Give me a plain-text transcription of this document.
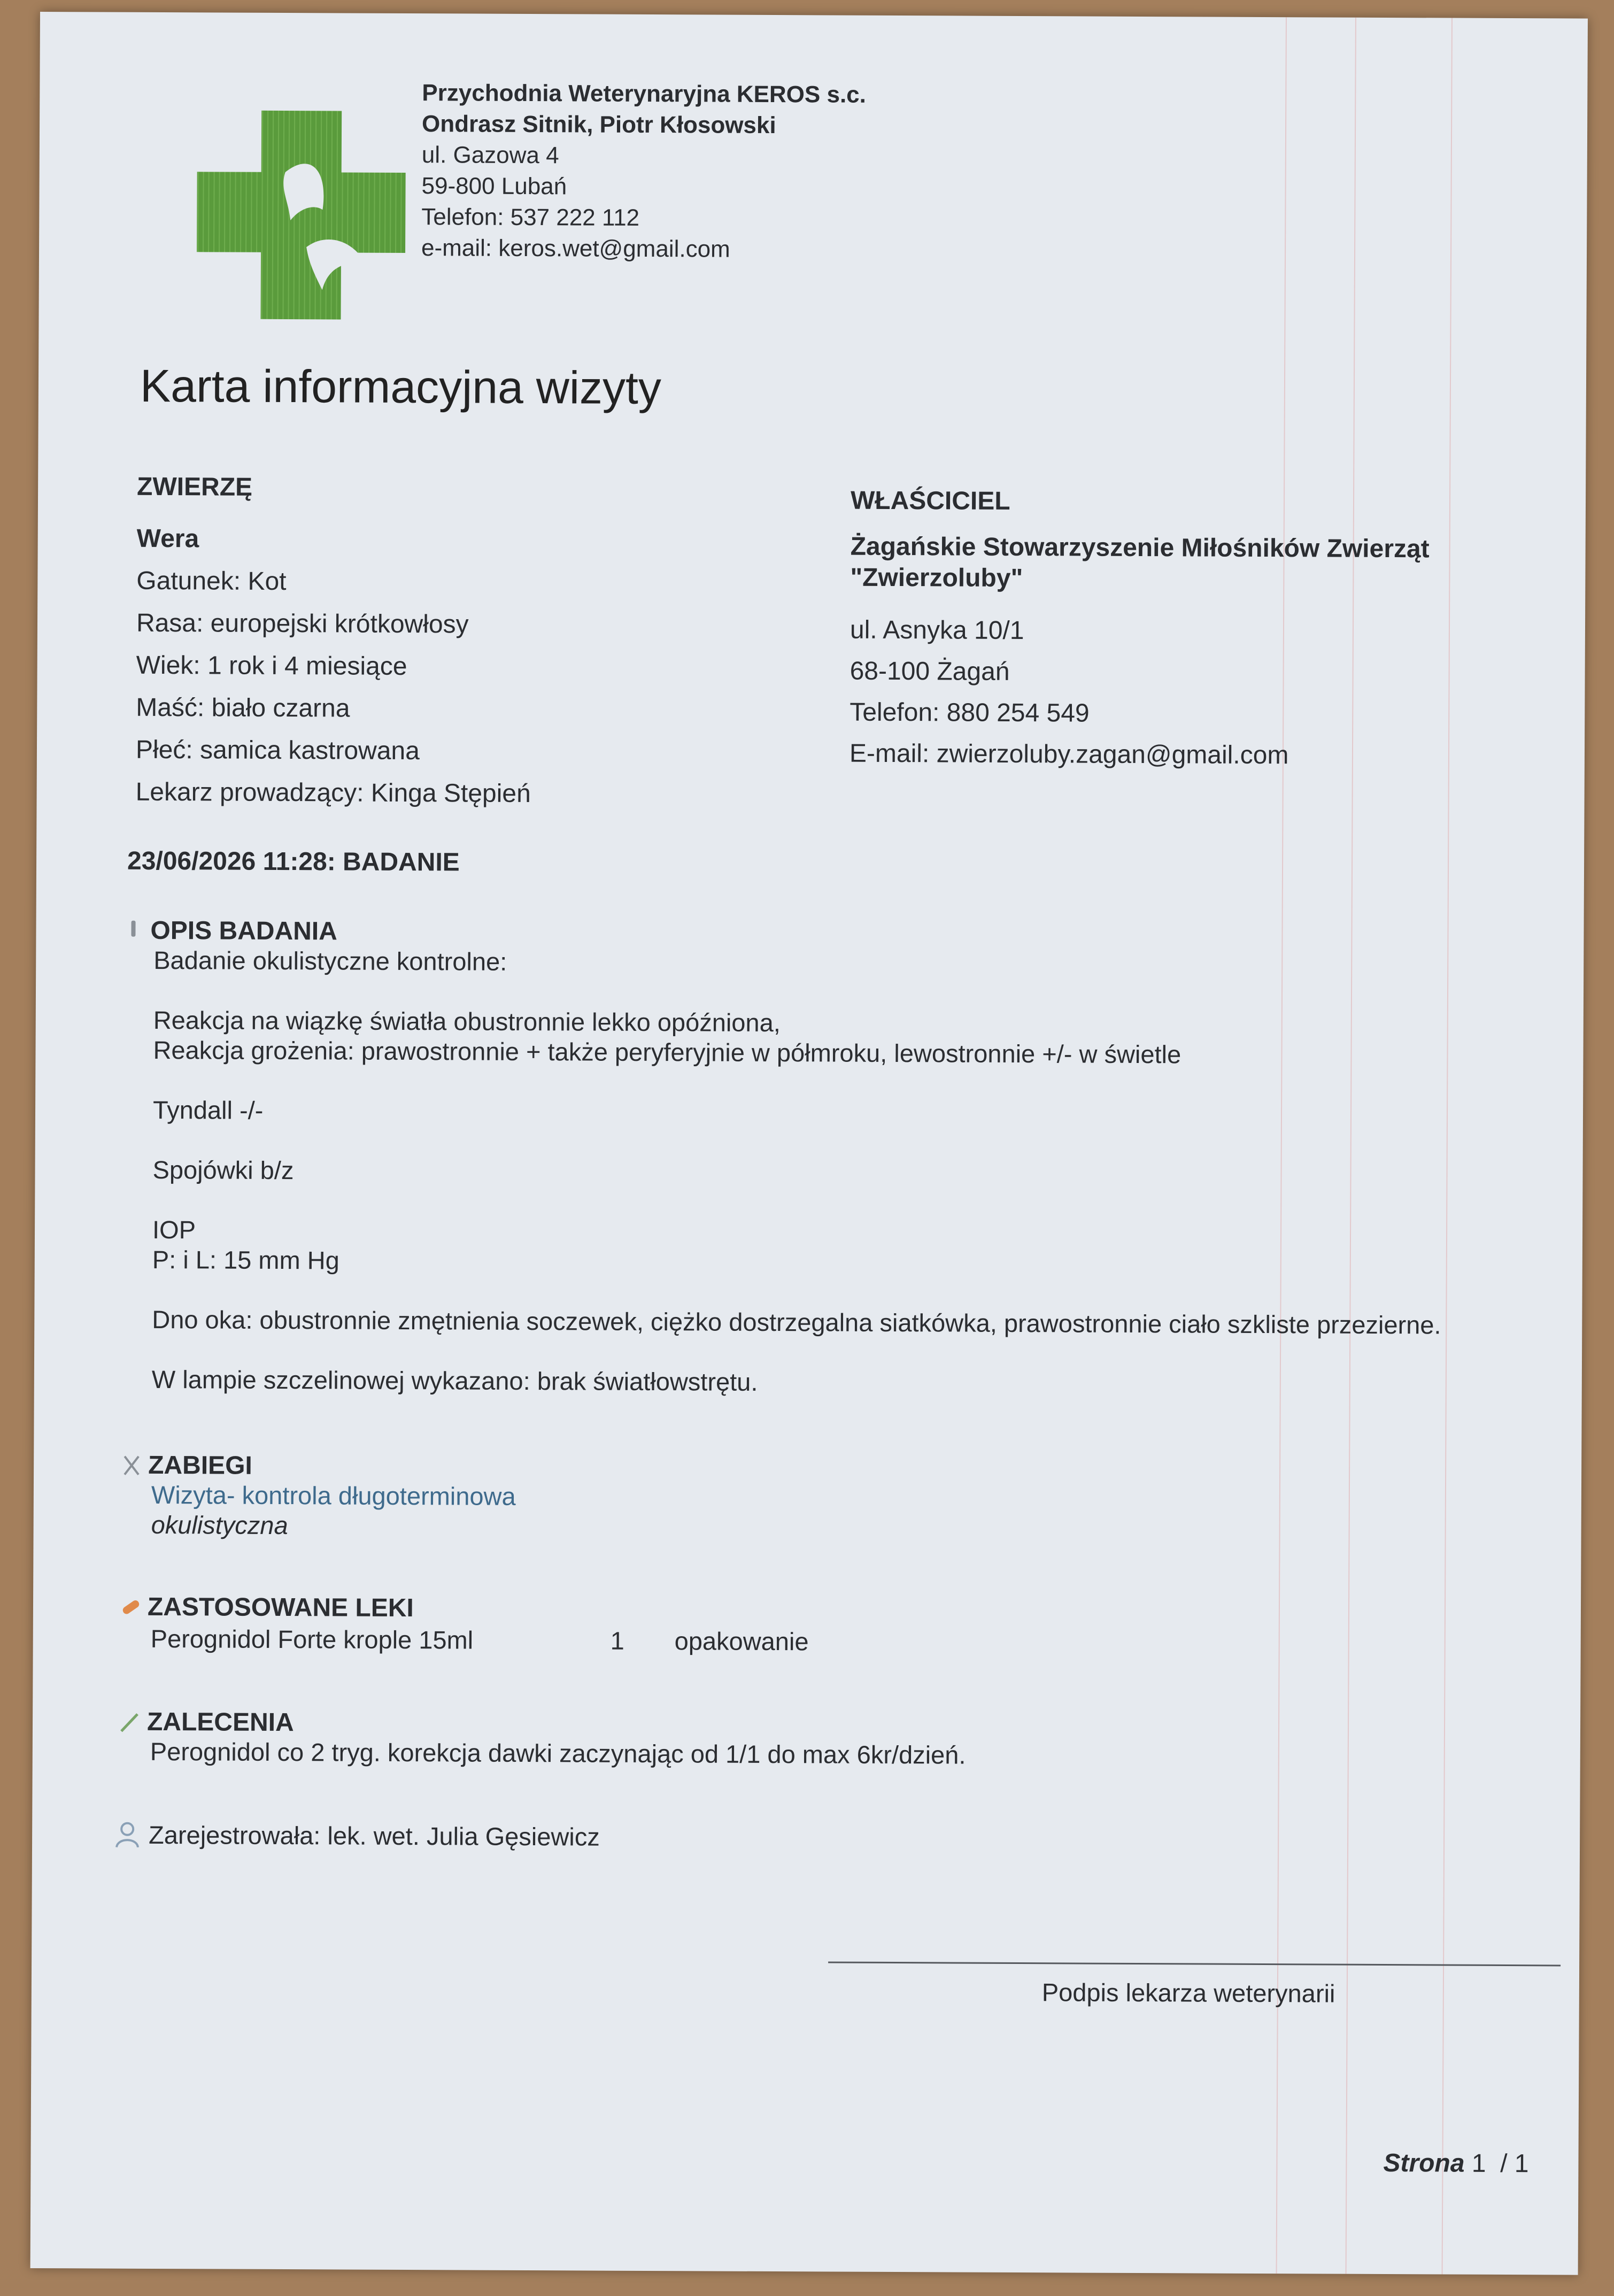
Przychodnia Weterynaryjna KEROS s.c.
Ondrasz Sitnik, Piotr Kłosowski
ul. Gazowa 4
59-800 Lubań
Telefon: 537 222 112
e-mail: keros.wet@gmail.com
Karta informacyjna wizyty
ZWIERZĘ
Wera
Gatunek: Kot
Rasa: europejski krótkowłosy
Wiek: 1 rok i 4 miesiące
Maść: biało czarna
Płeć: samica kastrowana
Lekarz prowadzący: Kinga Stępień
WŁAŚCICIEL
Żagańskie Stowarzyszenie Miłośników Zwierząt "Zwierzoluby"
ul. Asnyka 10/1
68-100 Żagań
Telefon: 880 254 549
E-mail: zwierzoluby.zagan@gmail.com
23/06/2026 11:28: BADANIE
OPIS BADANIA

Badanie okulistyczne kontrolne:

Reakcja na wiązkę światła obustronnie lekko opóźniona,

Reakcja grożenia: prawostronnie + także peryferyjnie w półmroku, lewostronnie +/- w świetle

Tyndall -/-

Spojówki b/z

IOP

P: i L: 15 mm Hg

Dno oka: obustronnie zmętnienia soczewek, ciężko dostrzegalna siatkówka, prawostronnie ciało szkliste przezierne.

W lampie szczelinowej wykazano: brak światłowstrętu.

ZABIEGI
Wizyta- kontrola długoterminowa
okulistyczna
ZASTOSOWANE LEKI
Perognidol Forte krople 15ml	1	opakowanie
ZALECENIA
Perognidol co 2 tryg. korekcja dawki zaczynając od 1/1 do max 6kr/dzień.
Zarejestrowała: lek. wet. Julia Gęsiewicz
Podpis lekarza weterynarii
Strona 1 / 1
